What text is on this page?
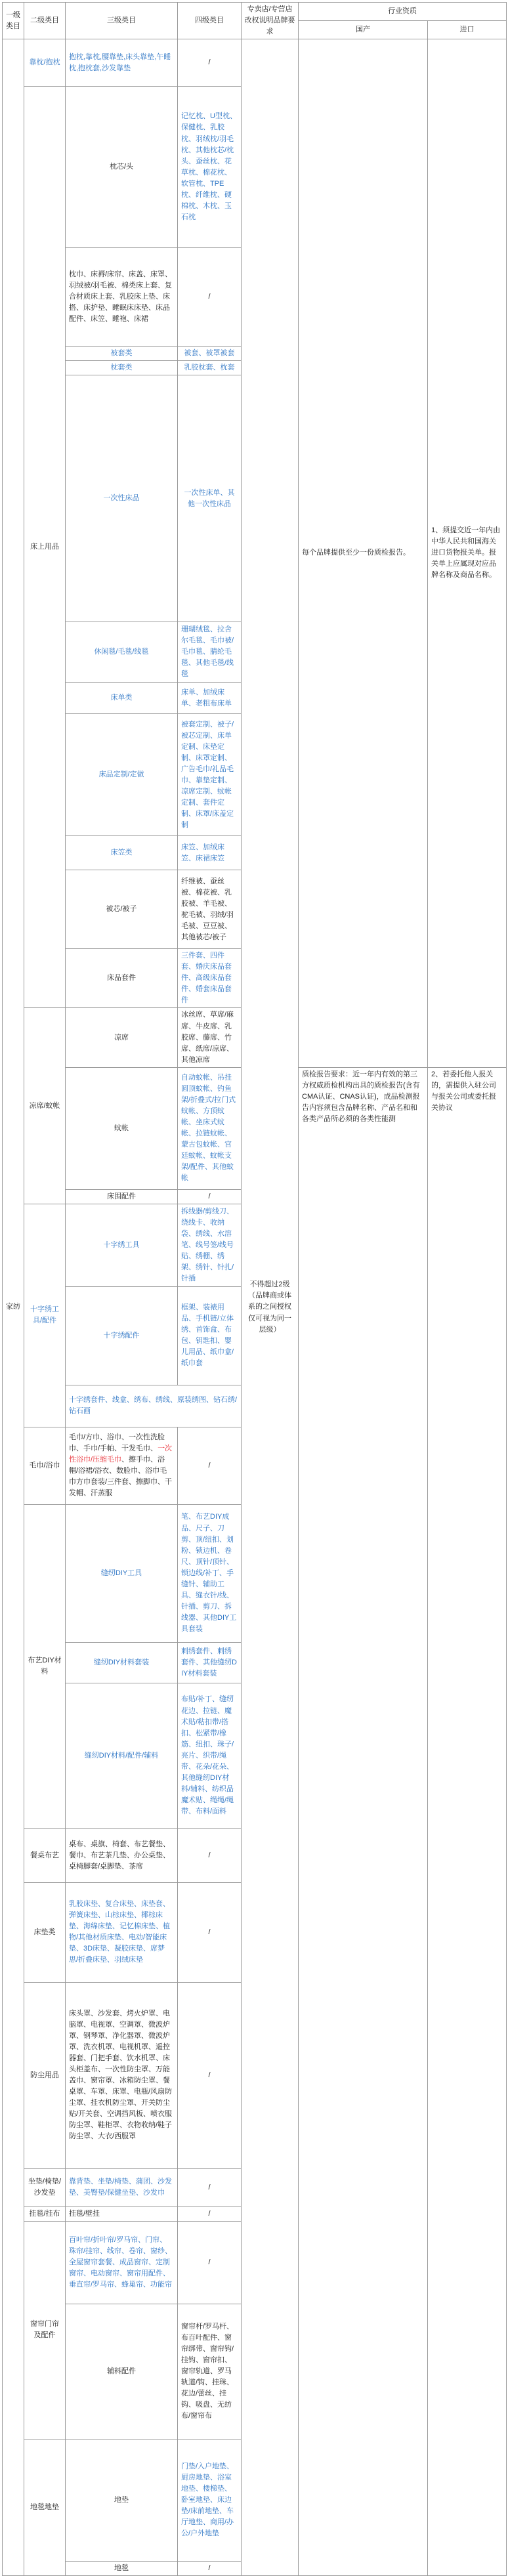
一级类目	二级类目	三级类目	四级类目	专卖店/专营店改权说明品牌要求	行业资质	
					国产	进口
家纺	靠枕/抱枕	抱枕,靠枕,腰靠垫,床头靠垫,午睡枕,抱枕套,沙发靠垫	/	不得超过2级（品牌商或体系的之间授权仅可视为同一层级）	每个品牌提供至少一份质检报告。	1、须提交近一年内由中华人民共和国海关进口货物报关单。报关单上应属现对应品牌名称及商品名称。

	床上用品	枕芯/头	记忆枕、U型枕、保健枕、乳胶枕、羽绒枕/羽毛枕、其他枕芯/枕头、蚕丝枕、花草枕、棉花枕、软管枕、TPE枕、纤维枕、硬棉枕、木枕、玉石枕			
		枕巾、床褥/床帘、床盖、床罩、羽绒被/羽毛被、棉类床上套、复合材质床上套、乳胶床上垫、床搭、床护垫、睡眠床床垫、床品配件、床笠、睡袍、床裙	/			
		被套类	被套、被罩被套			
		枕套类	乳胶枕套、枕套			
		一次性床品	一次性床单、其他一次性床品			
		休闲毯/毛毯/线毯	珊瑚绒毯、拉舍尔毛毯、毛巾被/毛巾毯、腈纶毛毯、其他毛毯/线毯			
		床单类	床单、加绒床单、老粗布床单			
		床品定制/定做	被套定制、被子/被芯定制、床单定制、床垫定制、床罩定制、广告毛巾/礼品毛巾、靠垫定制、凉席定制、蚊帐定制、套件定制、床罩/床盖定制			
		床笠类	床笠、加绒床笠、床裙床笠			
		被芯/被子	纤维被、蚕丝被、棉花被、乳胶被、羊毛被、驼毛被、羽绒/羽毛被、豆豆被、其他被芯/被子			
		床品套件	三件套、四件套、婚庆床品套件、高级床品套件、婚套床品套件			
	凉席/蚊帐	凉席	冰丝席、草席/麻席、牛皮席、乳胶席、藤席、竹席、纸席/凉席、其他凉席			
		蚊帐	自动蚊帐、吊挂圆顶蚊帐、钓鱼架/折叠式/拉门式蚊帐、方顶蚊帐、坐床式蚊帐、拉链蚊帐、蒙古包蚊帐、宫廷蚊帐、蚊帐支架/配件、其他蚊帐		质检报告要求：近一年内有效的第三方权威质检机构出具的质检报告(含有CMA认证、CNAS认证)，成品检测报告内容须包含品牌名称、产品名和和各类产品所必须的各类性能测	2、若委托他人报关的，需提供入驻公司与报关公司或委托报关协议

		床围配件	/			
	十字绣工具/配件	十字绣工具	拆线器/剪线刀、绕线卡、收纳袋、绣线、水溶笔、线号签/线号贴、绣棚、绣架、绣针、针扎/针插			
		十字绣配件	框架、装裱用品、手机链/立体绣、首饰盒、布包、钥匙扣、婴儿用品、纸巾盒/纸巾套			
		十字绣套件、线盒、绣布、绣线、原装绣图、钻石绣/钻石画				
	毛巾/浴巾	毛巾/方巾、浴巾、一次性洗脸巾、手巾/手帕、干发毛巾、一次性浴巾/压缩毛巾、擦手巾、浴帽/浴裙/浴衣、数脸巾、浴巾毛巾方巾套装/三件套、擦脚巾、干发帽、汗蒸服	/			
	布艺DIY材料	缝纫DIY工具	笔、布艺DIY成品、尺子、刀剪、顶/纽扣、划粉、锁边机、卷尺、顶针/顶针、锁边线/补丁、手缝针、辅助工具、缝衣针/线、针插、剪刀、拆线器、其他DIY工具套装			
		缝纫DIY材料套装	刺绣套件、刺绣套件、其他缝纫DIY材料套装			
		缝纫DIY材料/配件/辅料	布贴/补丁、缝纫花边、拉链、魔术贴/粘扣带/搭扣、松紧带/橡筋、纽扣、珠子/亮片、织带/绳带、花朵/花朵、其他缝纫DIY材料/辅料、纺织品魔术贴、绳绳/绳带、布料/面料			
	餐桌布艺	桌布、桌旗、椅套、布艺餐垫、餐巾、布艺茶几垫、办公桌垫、桌椅脚套/桌脚垫、茶席	/			
	床垫类	乳胶床垫、复合床垫、床垫套、弹簧床垫、山棕床垫、椰棕床垫、海绵床垫、记忆棉床垫、植物/其他材质床垫、电动/智能床垫、3D床垫、凝胶床垫、席梦思/折叠床垫、羽绒床垫	/			
	防尘用品	床头罩、沙发套、烤火炉罩、电脑罩、电视罩、空调罩、微波炉罩、钢琴罩、净化器罩、微波炉罩、洗衣机罩、电视机罩、遥控器套、门把手套、饮水机罩、床头柜盖布、一次性防尘罩、万能盖巾、窗帘罩、冰箱防尘罩、餐桌罩、车罩、床罩、电瓶/风扇防尘罩、挂衣机防尘罩、开关防尘贴/开关套、空调挡风板、喷衣服防尘罩、鞋柜罩、衣物收纳/鞋子防尘罩、大衣/西服罩	/			
	坐垫/椅垫/沙发垫	靠背垫、坐垫/椅垫、蒲团、沙发垫、美臀垫/保健坐垫、沙发巾	/			
	挂毯/挂布	挂毯/壁挂	/			
	窗帘门帘及配件	百叶帘/折叶帘/罗马帘、门帘、珠帘/挂帘、线帘、卷帘、窗纱、全屋窗帘套餐、成品窗帘、定制窗帘、电动窗帘、窗帘用配件、垂直帘/罗马帘、蜂巢帘、功能帘	/			
		辅料配件	窗帘杆/罗马杆、布百叶配件、窗帘绑带、窗帘钩/挂钩、窗帘扣、窗帘轨道、罗马轨道/钩、挂珠、花边/蕾丝、挂钩、吸盘、无纺布/窗帘布			
	地毯地垫	地垫	门垫/入户地垫、厨房地垫、浴室地垫、楼梯垫、卧室地垫、床边垫/床前地垫、车厅地垫、商用/办公/户外地垫			
		地毯	/			
